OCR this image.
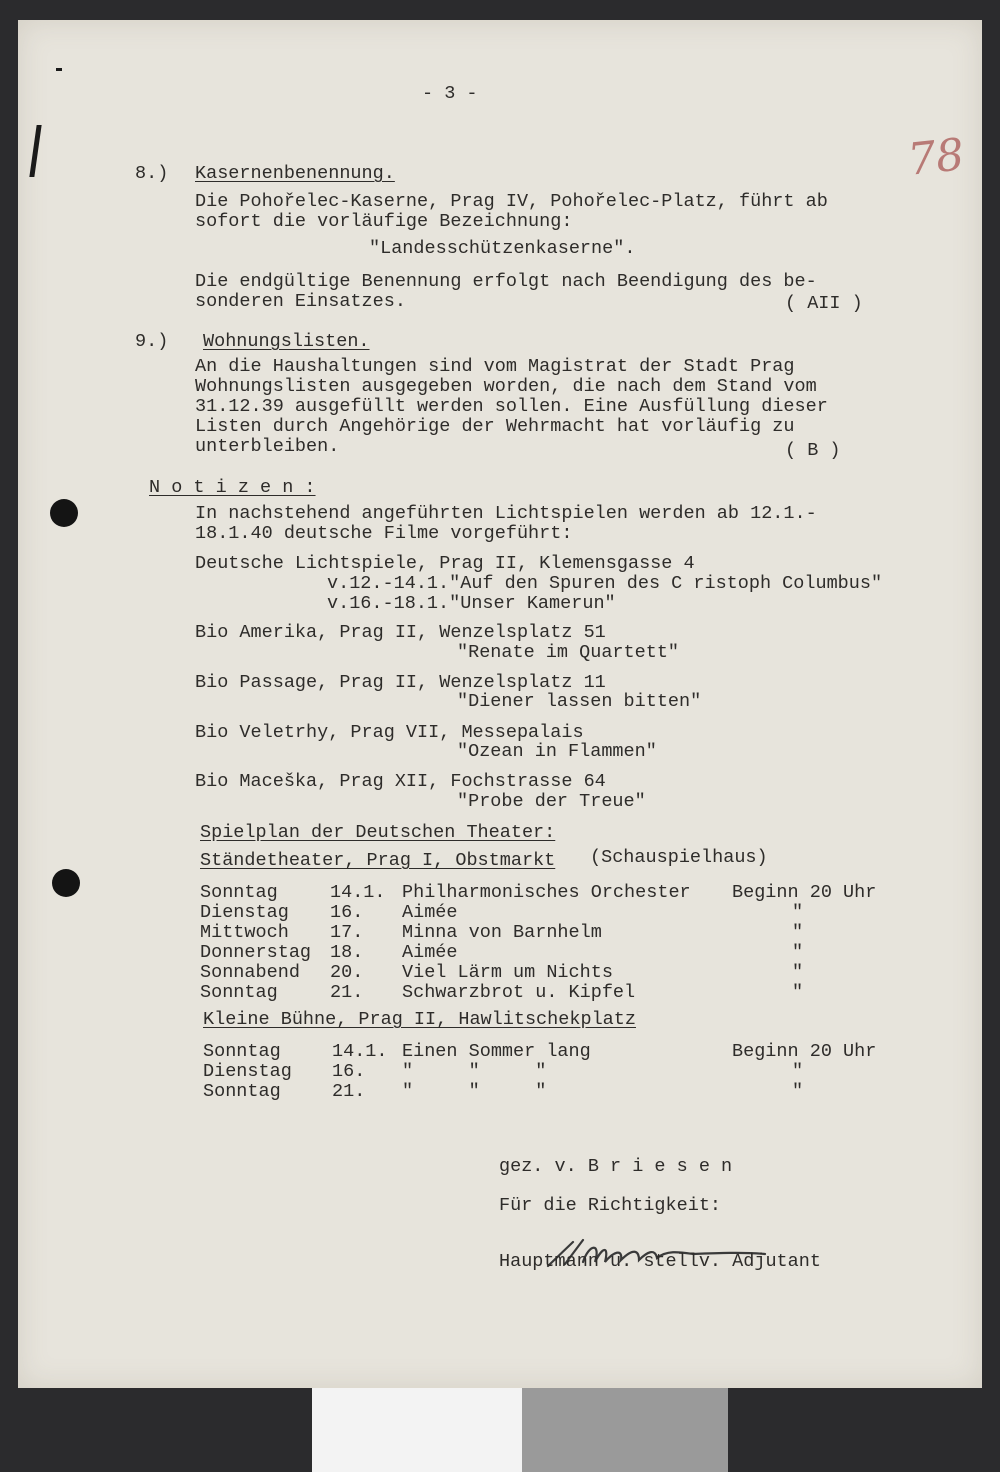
- 3 -
78
8.) Kasernenbenennung.
Die Pohořelec-Kaserne, Prag IV, Pohořelec-Platz, führt ab
sofort die vorläufige Bezeichnung:
"Landesschützenkaserne".
Die endgültige Benennung erfolgt nach Beendigung des be-
sonderen Einsatzes.	( AII )
9.) Wohnungslisten.
An die Haushaltungen sind vom Magistrat der Stadt Prag
Wohnungslisten ausgegeben worden, die nach dem Stand vom
31.12.39 ausgefüllt werden sollen. Eine Ausfüllung dieser
Listen durch Angehörige der Wehrmacht hat vorläufig zu
unterbleiben.	( B )
N o t i z e n :
In nachstehend angeführten Lichtspielen werden ab 12.1.-
18.1.40 deutsche Filme vorgeführt:
Deutsche Lichtspiele, Prag II, Klemensgasse 4
v.12.-14.1."Auf den Spuren des C ristoph Columbus"
v.16.-18.1."Unser Kamerun"
Bio Amerika, Prag II, Wenzelsplatz 51
"Renate im Quartett"
Bio Passage, Prag II, Wenzelsplatz 11
"Diener lassen bitten"
Bio Veletrhy, Prag VII, Messepalais
"Ozean in Flammen"
Bio Maceška, Prag XII, Fochstrasse 64
"Probe der Treue"
Spielplan der Deutschen Theater:
Ständetheater, Prag I, Obstmarkt (Schauspielhaus)
Sonntag	14.1. Philharmonisches Orchester Beginn 20 Uhr
Dienstag 16. Aimée	"
Mittwoch 17. Minna von Barnhelm	"
Donnerstag 18. Aimée	"
Sonnabend 20. Viel Lärm um Nichts	"
Sonntag	21. Schwarzbrot u. Kipfel	"
Kleine Bühne, Prag II, Hawlitschekplatz
Sonntag	14.1. Einen Sommer lang	Beginn 20 Uhr
Dienstag 16. "     "     "	"
Sonntag	21. "     "     "	"
gez. v. B r i e s e n
Für die Richtigkeit:
Hauptmann u. stellv. Adjutant
